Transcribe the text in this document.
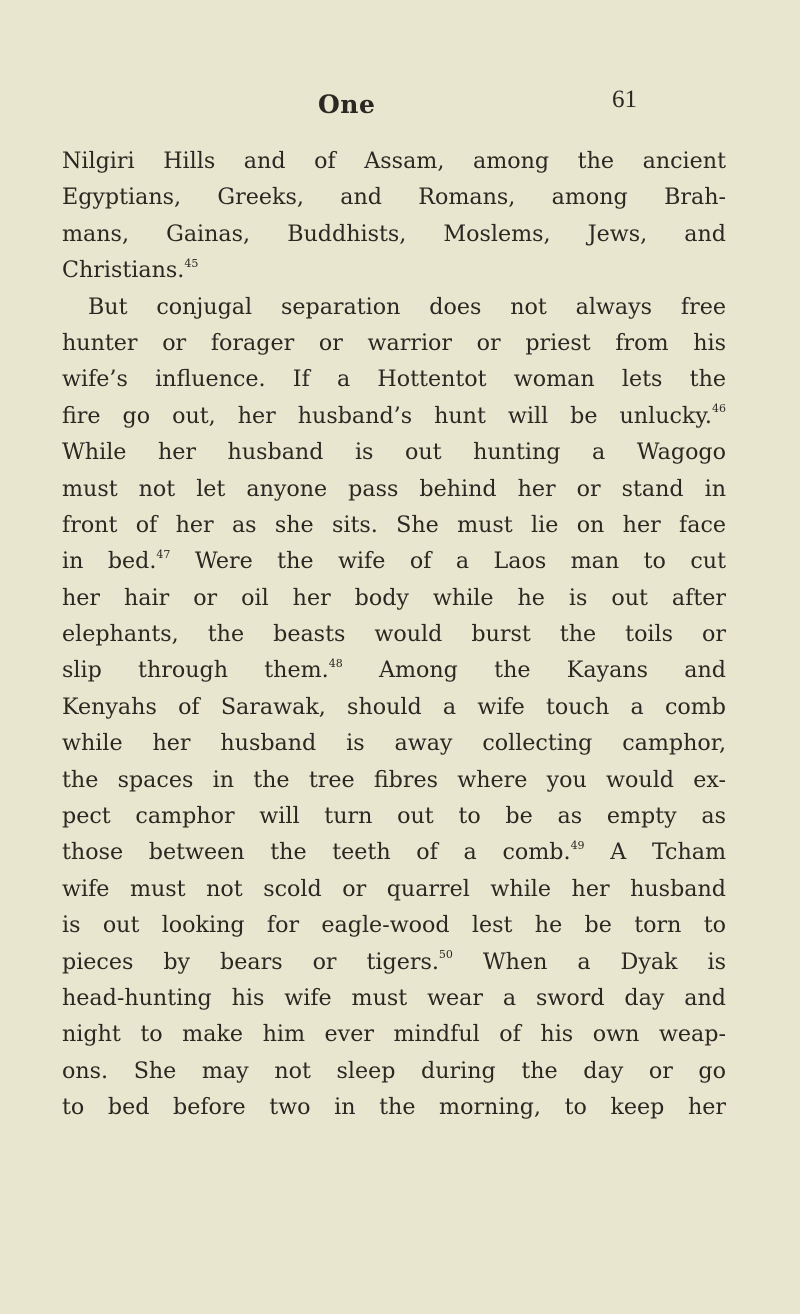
One	61
Nilgiri Hills and of Assam, among the ancient
Egyptians, Greeks, and Romans, among Brah-
mans, Gainas, Buddhists, Moslems, Jews, and
Christians.$^{45}$
But conjugal separation does not always free
hunter or forager or warrior or priest from his
wife’s influence. If a Hottentot woman lets the
fire go out, her husband’s hunt will be unlucky.$^{46}$
While her husband is out hunting a Wagogo
must not let anyone pass behind her or stand in
front of her as she sits. She must lie on her face
in bed.$^{47}$ Were the wife of a Laos man to cut
her hair or oil her body while he is out after
elephants, the beasts would burst the toils or
slip through them.$^{48}$ Among the Kayans and
Kenyahs of Sarawak, should a wife touch a comb
while her husband is away collecting camphor,
the spaces in the tree fibres where you would ex-
pect camphor will turn out to be as empty as
those between the teeth of a comb.$^{49}$ A Tcham
wife must not scold or quarrel while her husband
is out looking for eagle-wood lest he be torn to
pieces by bears or tigers.$^{50}$ When a Dyak is
head-hunting his wife must wear a sword day and
night to make him ever mindful of his own weap-
ons. She may not sleep during the day or go
to bed before two in the morning, to keep her
